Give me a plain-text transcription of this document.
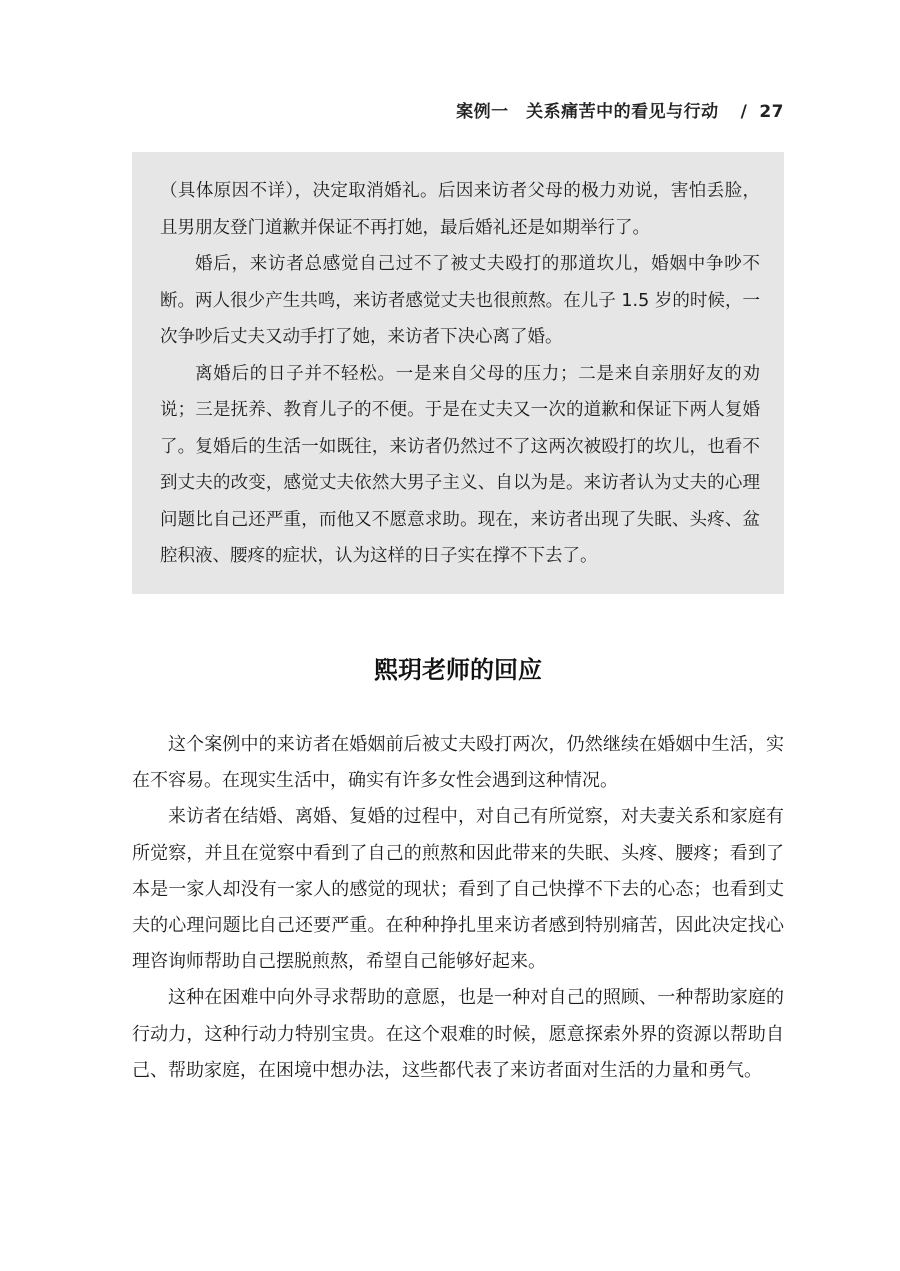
案例一　关系痛苦中的看见与行动 / 27

（具体原因不详），决定取消婚礼。后因来访者父母的极力劝说，害怕丢脸，且男朋友登门道歉并保证不再打她，最后婚礼还是如期举行了。

婚后，来访者总感觉自己过不了被丈夫殴打的那道坎儿，婚姻中争吵不断。两人很少产生共鸣，来访者感觉丈夫也很煎熬。在儿子 1.5 岁的时候，一次争吵后丈夫又动手打了她，来访者下决心离了婚。

离婚后的日子并不轻松。一是来自父母的压力；二是来自亲朋好友的劝说；三是抚养、教育儿子的不便。于是在丈夫又一次的道歉和保证下两人复婚了。复婚后的生活一如既往，来访者仍然过不了这两次被殴打的坎儿，也看不到丈夫的改变，感觉丈夫依然大男子主义、自以为是。来访者认为丈夫的心理问题比自己还严重，而他又不愿意求助。现在，来访者出现了失眠、头疼、盆腔积液、腰疼的症状，认为这样的日子实在撑不下去了。

熙玥老师的回应

这个案例中的来访者在婚姻前后被丈夫殴打两次，仍然继续在婚姻中生活，实在不容易。在现实生活中，确实有许多女性会遇到这种情况。

来访者在结婚、离婚、复婚的过程中，对自己有所觉察，对夫妻关系和家庭有所觉察，并且在觉察中看到了自己的煎熬和因此带来的失眠、头疼、腰疼；看到了本是一家人却没有一家人的感觉的现状；看到了自己快撑不下去的心态；也看到丈夫的心理问题比自己还要严重。在种种挣扎里来访者感到特别痛苦，因此决定找心理咨询师帮助自己摆脱煎熬，希望自己能够好起来。

这种在困难中向外寻求帮助的意愿，也是一种对自己的照顾、一种帮助家庭的行动力，这种行动力特别宝贵。在这个艰难的时候，愿意探索外界的资源以帮助自己、帮助家庭，在困境中想办法，这些都代表了来访者面对生活的力量和勇气。
